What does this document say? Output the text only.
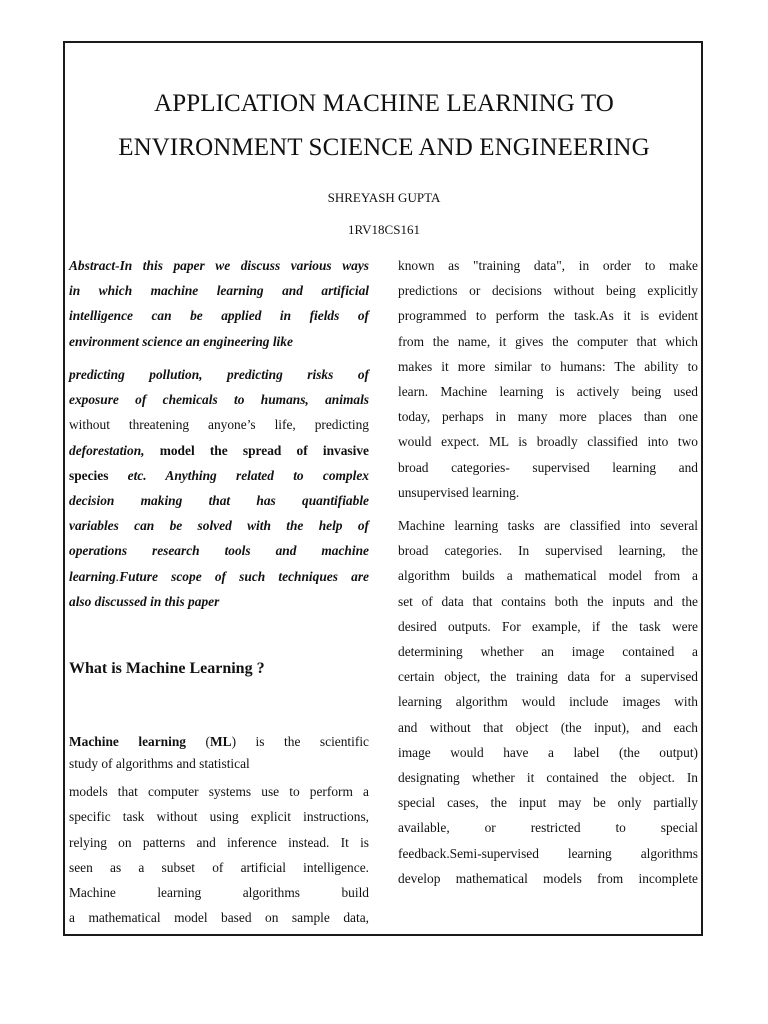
APPLICATION MACHINE LEARNING TO
ENVIRONMENT SCIENCE AND ENGINEERING
SHREYASH GUPTA
1RV18CS161

Abstract-In this paper we discuss various ways

in which machine learning and artificial

intelligence can be applied in fields of

environment science an engineering like

predicting pollution, predicting risks of

exposure of chemicals to humans, animals

without threatening anyone’s life, predicting

deforestation, model the spread of invasive

species etc. Anything related to complex

decision making that has quantifiable

variables can be solved with the help of

operations research tools and machine

learning.Future scope of such techniques are

also discussed in this paper

What is Machine Learning ?

Machine learning (ML) is the scientific

study of algorithms and statistical

models that computer systems use to perform a

specific task without using explicit instructions,

relying on patterns and inference instead. It is

seen as a subset of artificial intelligence.

Machine learning algorithms build

a mathematical model based on sample data,

known as "training data", in order to make

predictions or decisions without being explicitly

programmed to perform the task.As it is evident

from the name, it gives the computer that which

makes it more similar to humans: The ability to

learn. Machine learning is actively being used

today, perhaps in many more places than one

would expect. ML is broadly classified into two

broad categories- supervised learning and

unsupervised learning.

Machine learning tasks are classified into several

broad categories. In supervised learning, the

algorithm builds a mathematical model from a

set of data that contains both the inputs and the

desired outputs. For example, if the task were

determining whether an image contained a

certain object, the training data for a supervised

learning algorithm would include images with

and without that object (the input), and each

image would have a label (the output)

designating whether it contained the object. In

special cases, the input may be only partially

available, or restricted to special

feedback.Semi-supervised learning algorithms

develop mathematical models from incomplete
